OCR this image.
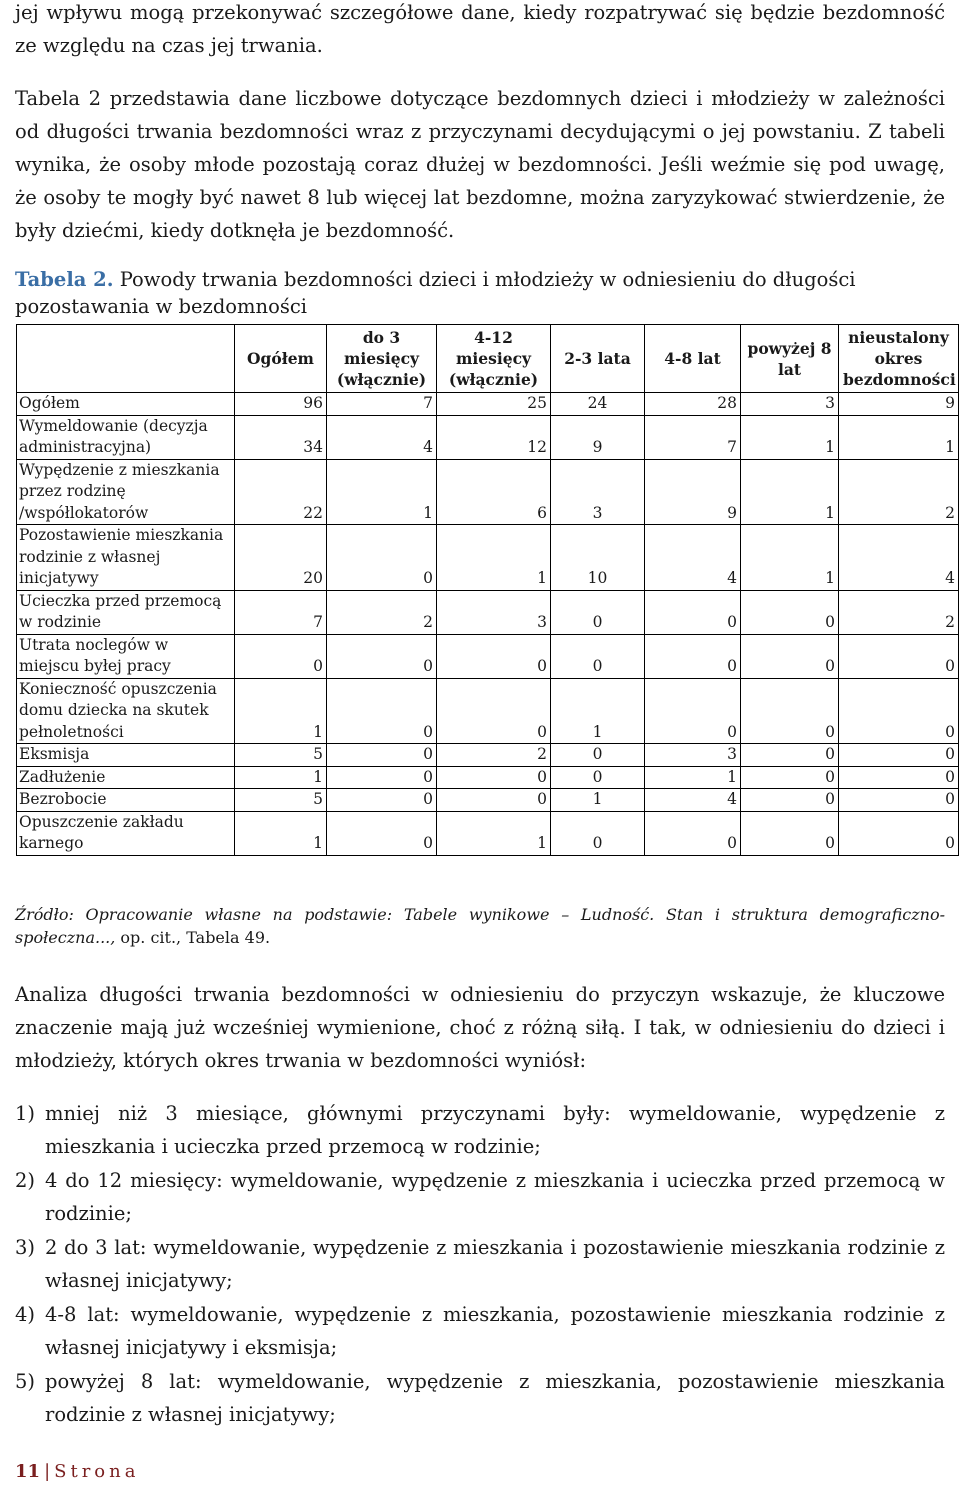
jej wpływu mogą przekonywać szczegółowe dane, kiedy rozpatrywać się będzie bezdomność ze względu na czas jej trwania.

Tabela 2 przedstawia dane liczbowe dotyczące bezdomnych dzieci i młodzieży w zależności od długości trwania bezdomności wraz z przyczynami decydującymi o jej powstaniu. Z tabeli wynika, że osoby młode pozostają coraz dłużej w bezdomności. Jeśli weźmie się pod uwagę, że osoby te mogły być nawet 8 lub więcej lat bezdomne, można zaryzykować stwierdzenie, że były dziećmi, kiedy dotknęła je bezdomność.

Tabela 2. Powody trwania bezdomności dzieci i młodzieży w odniesieniu do długości pozostawania w bezdomności
	Ogółem	do 3 miesięcy (włącznie)	4-12 miesięcy (włącznie)	2-3 lata	4-8 lat	powyżej 8 lat	nieustalony okres bezdomności
Ogółem	96	7	25	24	28	3	9
Wymeldowanie (decyzja administracyjna)	34	4	12	9	7	1	1
Wypędzenie z mieszkania przez rodzinę /współlokatorów	22	1	6	3	9	1	2
Pozostawienie mieszkania rodzinie z własnej inicjatywy	20	0	1	10	4	1	4
Ucieczka przed przemocą w rodzinie	7	2	3	0	0	0	2
Utrata noclegów w miejscu byłej pracy	0	0	0	0	0	0	0
Konieczność opuszczenia domu dziecka na skutek pełnoletności	1	0	0	1	0	0	0
Eksmisja	5	0	2	0	3	0	0
Zadłużenie	1	0	0	0	1	0	0
Bezrobocie	5	0	0	1	4	0	0
Opuszczenie zakładu karnego	1	0	1	0	0	0	0
Źródło: Opracowanie własne na podstawie: Tabele wynikowe – Ludność. Stan i struktura demograficzno-społeczna..., op. cit., Tabela 49.

Analiza długości trwania bezdomności w odniesieniu do przyczyn wskazuje, że kluczowe znaczenie mają już wcześniej wymienione, choć z różną siłą. I tak, w odniesieniu do dzieci i młodzieży, których okres trwania w bezdomności wyniósł:

1) mniej niż 3 miesiące, głównymi przyczynami były: wymeldowanie, wypędzenie z mieszkania i ucieczka przed przemocą w rodzinie;
2) 4 do 12 miesięcy: wymeldowanie, wypędzenie z mieszkania i ucieczka przed przemocą w rodzinie;
3) 2 do 3 lat: wymeldowanie, wypędzenie z mieszkania i pozostawienie mieszkania rodzinie z własnej inicjatywy;
4) 4-8 lat: wymeldowanie, wypędzenie z mieszkania, pozostawienie mieszkania rodzinie z własnej inicjatywy i eksmisja;
5) powyżej 8 lat: wymeldowanie, wypędzenie z mieszkania, pozostawienie mieszkania rodzinie z własnej inicjatywy;
11 | Strona
